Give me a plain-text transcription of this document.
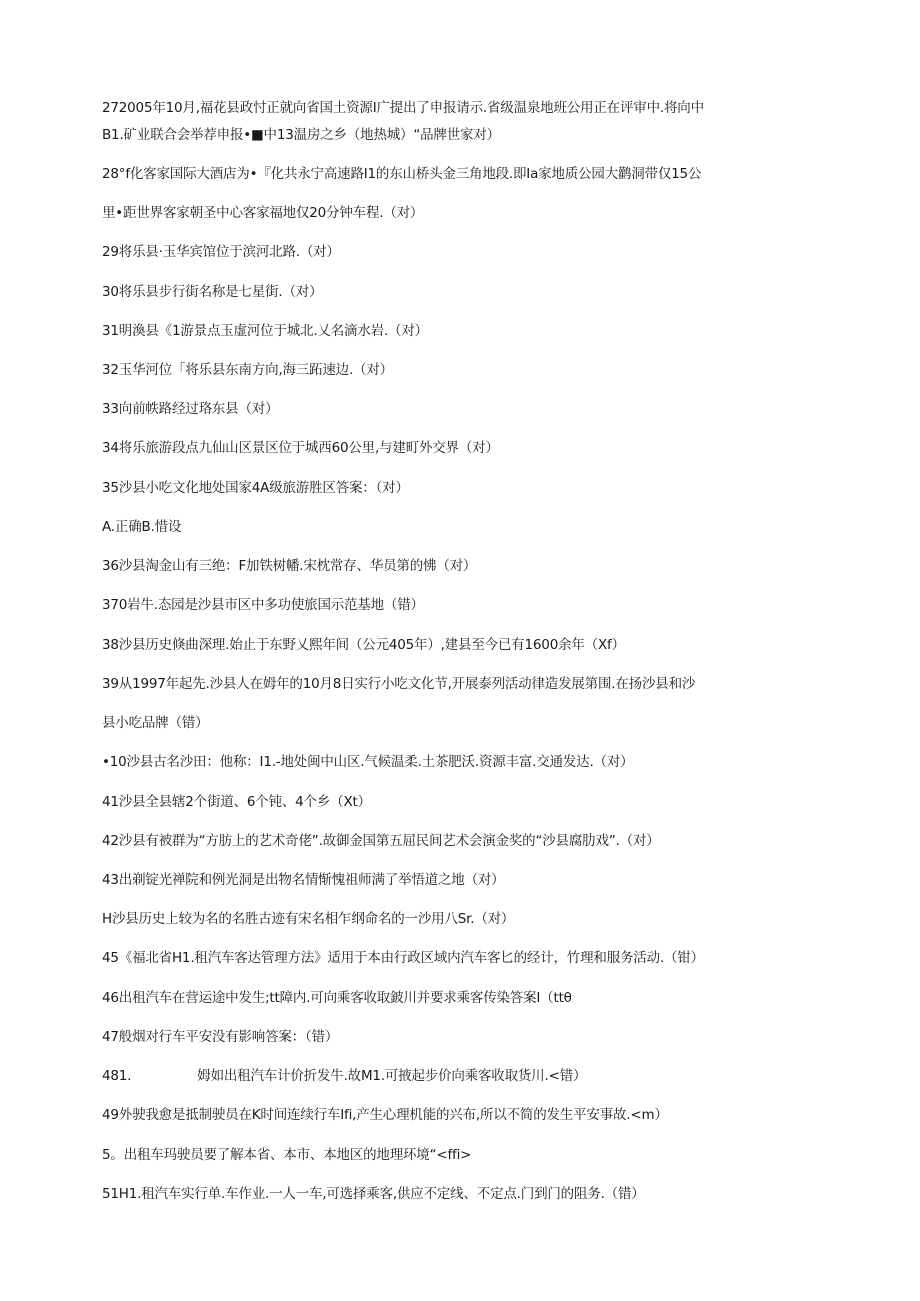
272005年10月,福花县政忖正就向省国土资源I广提出了申报请示.省级温泉地班公用正在评审中.将向中
B1.矿业联合会举荐申报•■中13温房之乡（地热城）“品牌世家对）
28°f化客家国际大酒店为•『化共永宁高速路I1的东山桥头金三角地段.即Ia家地质公园大鹳洞带仅15公
里•距世界客家朝圣中心客家福地仅20分钟车程.（对）
29将乐县·玉华宾馆位于滨河北路.（对）
30将乐县步行街名称是七星街.（对）
31明渙县《1游景点玉虚河位于城北.乂名滴水岩.（对）
32玉华河位「将乐县东南方向,海三跖速边.（对）
33向前帙路经过珞东县（对）
34将乐旅游段点九仙山区景区位于城西60公里,与建町外交界（对）
35沙县小吃文化地处国家4A级旅游胜区答案：（对）
A.正确B.惜设
36沙县淘金山有三绝：F加铁树幡.宋枕常存、华员第的怫（对）
370岩牛.态园是沙县市区中多功使旅国示范基地（错）
38沙县历史倏曲深理.始止于东野乂熙年间（公元405年）,建县至今已有1600余年（Xf）
39从1997年起先.沙县人在姆年的10月8日实行小吃文化节,开展泰列活动律造发展第围.在扬沙县和沙
县小吃品牌（错）
•10沙县古名沙田：他称：I1.-地处闽中山区.气候温柔.土茶肥沃.资源丰富.交通发达.（对）
41沙县全县辖2个街道、6个钝、4个乡（Xt）
42沙县有被群为“方肪上的艺术奇佬”.故御金国第五屈民间艺术会演金奖的“沙县腐肋戏”.（对）
43出剃锭光禅院和例光洞是出物名情惭愧祖师满了举悟道之地（对）
H沙县历史上较为名的名胜古迹有宋名相乍纲命名的一沙用八Sr.（对）
45《福北省H1.租汽车客达管理方法》适用于本由行政区域内汽车客匕的经计，竹理和服务活动.（钳）
46出租汽车在营运途中发生;tt障内.可向乘客收取鈹川并要求乘客传染答案I（ttθ
47般烟对行车平安没有影响答案：（错）
481.	姆如出租汽车计价折发牛.故M1.可掖起步价向乘客收取货川.<错）
49外驶我愈是抵制驶员在K时间连续行车Ifi,产生心理机能的兴布,所以不简的发生平安事故.<m）
5。出租车玛驶员要了解本省、本市、本地区的地理环境“<ffi>
51H1.租汽车实行单.车作业.一人一车,可选择乘客,供应不定线、不定点.门到门的阻务.（错）
